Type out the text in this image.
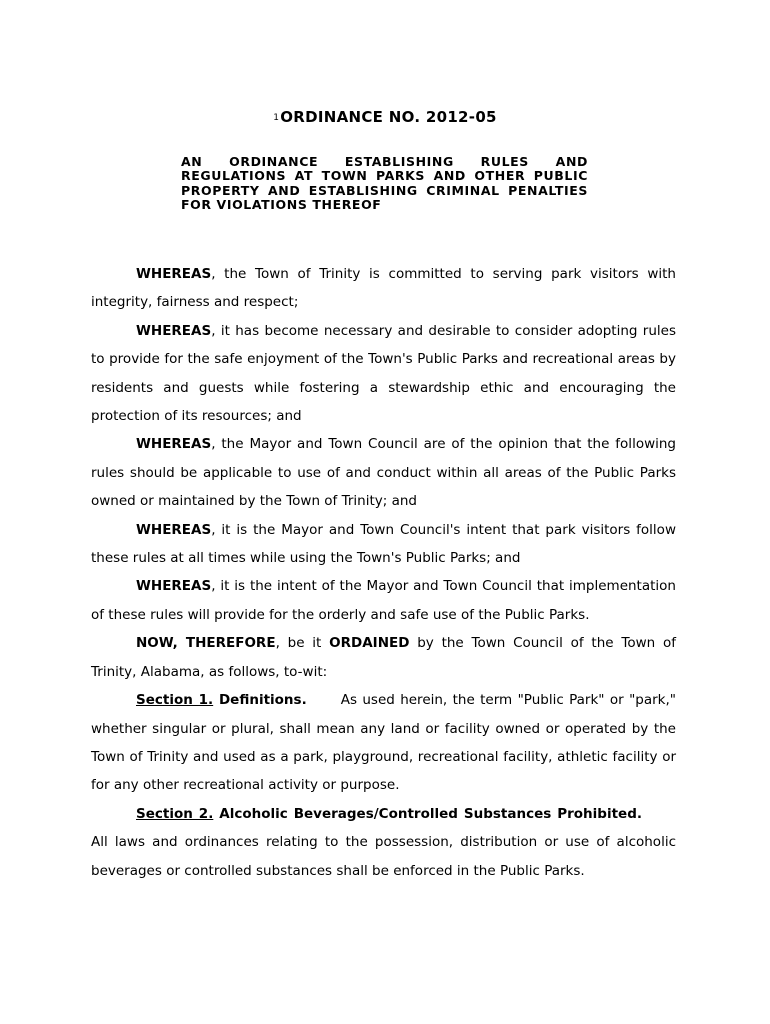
$^1$ORDINANCE NO. 2012-05
AN ORDINANCE ESTABLISHING RULES AND REGULATIONS AT TOWN PARKS AND OTHER PUBLIC PROPERTY AND ESTABLISHING CRIMINAL PENALTIES FOR VIOLATIONS THEREOF

WHEREAS, the Town of Trinity is committed to serving park visitors with integrity, fairness and respect;

WHEREAS, it has become necessary and desirable to consider adopting rules to provide for the safe enjoyment of the Town's Public Parks and recreational areas by residents and guests while fostering a stewardship ethic and encouraging the protection of its resources; and

WHEREAS, the Mayor and Town Council are of the opinion that the following rules should be applicable to use of and conduct within all areas of the Public Parks owned or maintained by the Town of Trinity; and

WHEREAS, it is the Mayor and Town Council's intent that park visitors follow these rules at all times while using the Town's Public Parks; and

WHEREAS, it is the intent of the Mayor and Town Council that implementation of these rules will provide for the orderly and safe use of the Public Parks.

NOW, THEREFORE, be it ORDAINED by the Town Council of the Town of Trinity, Alabama, as follows, to-wit:

Section 1. Definitions.	As used herein, the term "Public Park" or "park," whether singular or plural, shall mean any land or facility owned or operated by the Town of Trinity and used as a park, playground, recreational facility, athletic facility or for any other recreational activity or purpose.

Section 2. Alcoholic Beverages/Controlled Substances Prohibited.All laws and ordinances relating to the possession, distribution or use of alcoholic beverages or controlled substances shall be enforced in the Public Parks.
